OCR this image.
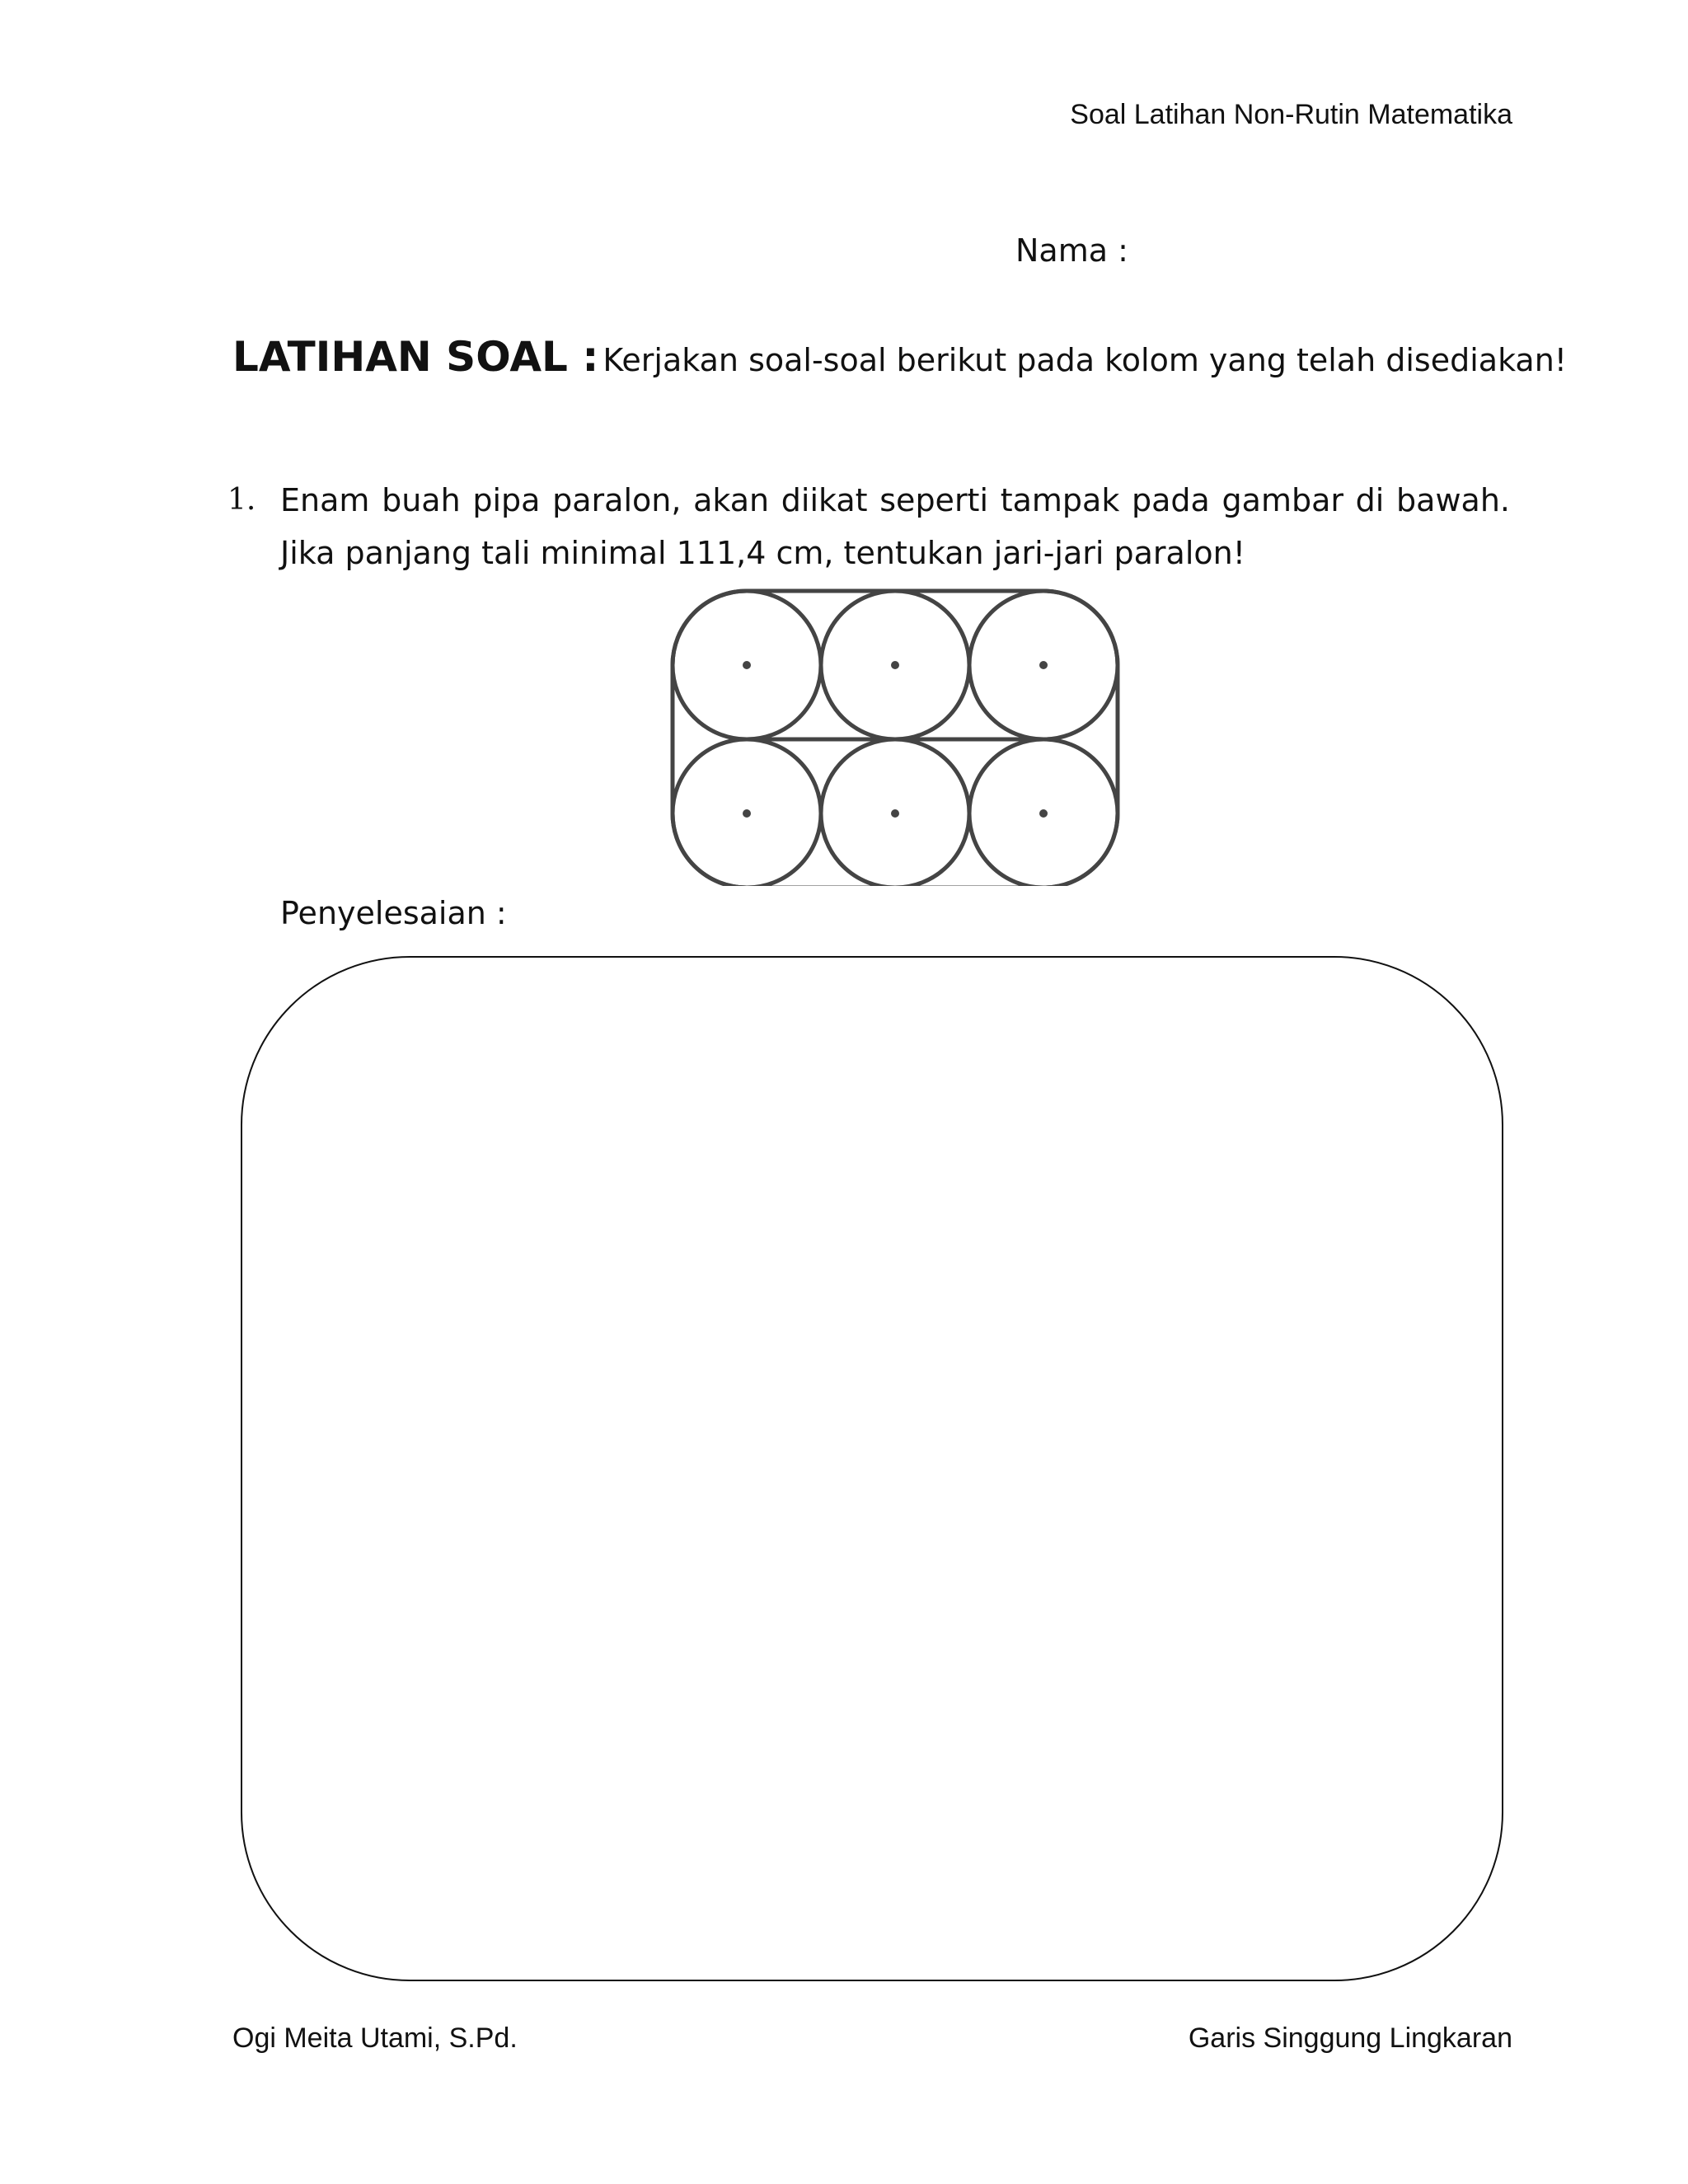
Soal Latihan Non-Rutin Matematika
Nama :
LATIHAN SOAL : Kerjakan soal-soal berikut pada kolom yang telah disediakan!
1. Enam buah pipa paralon, akan diikat seperti tampak pada gambar di bawah. Jika panjang tali minimal 111,4 cm, tentukan jari-jari paralon!
Penyelesaian :
Ogi Meita Utami, S.Pd.	Garis Singgung Lingkaran
